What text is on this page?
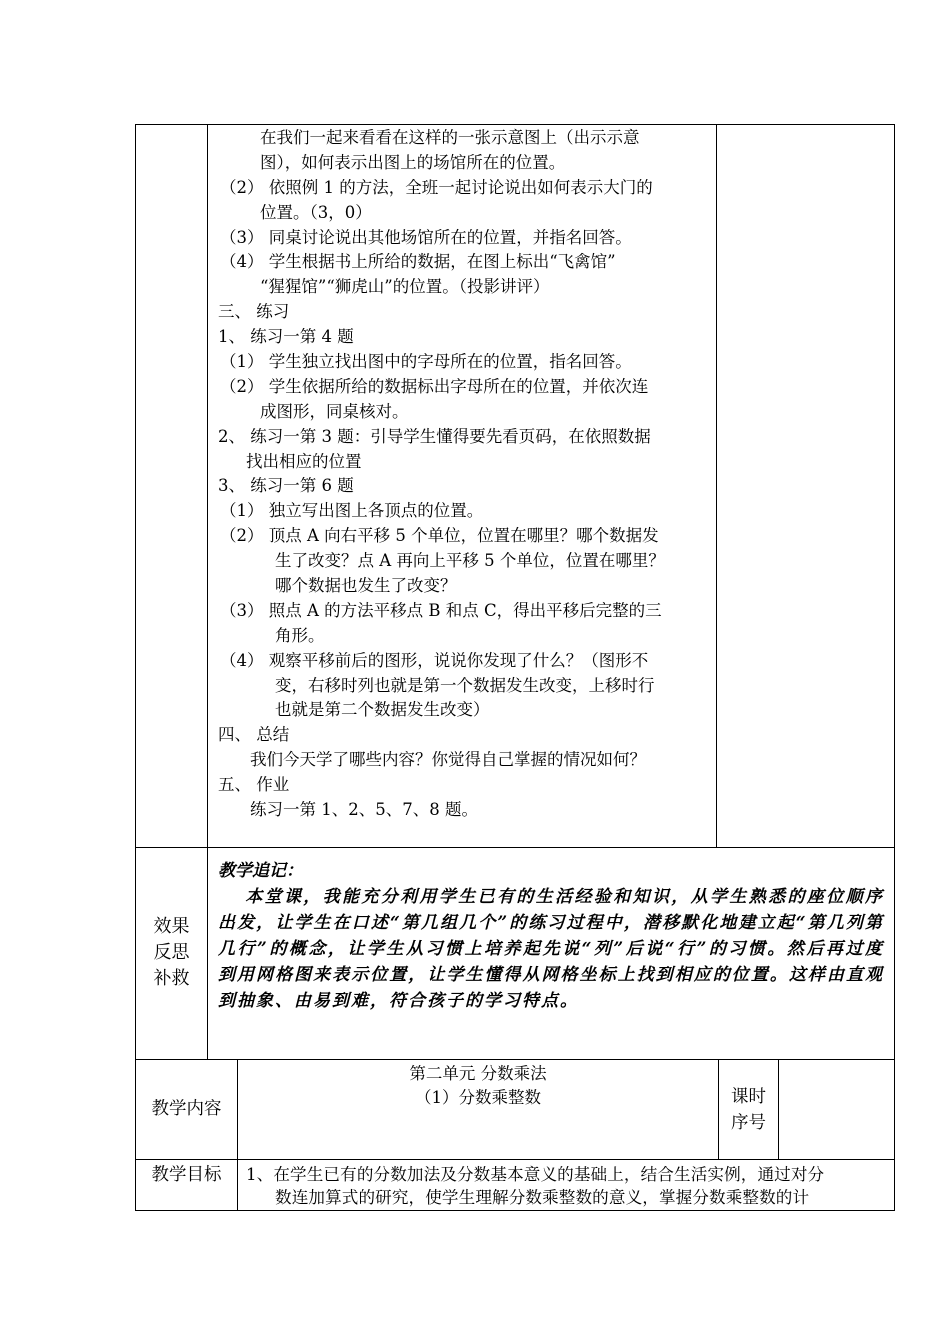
在我们一起来看看在这样的一张示意图上（出示示意
图），如何表示出图上的场馆所在的位置。
（2） 依照例 1 的方法，全班一起讨论说出如何表示大门的
位置。（3，0）
（3） 同桌讨论说出其他场馆所在的位置，并指名回答。
（4） 学生根据书上所给的数据，在图上标出“飞禽馆”
“猩猩馆”“狮虎山”的位置。（投影讲评）
三、 练习
1、 练习一第 4 题
（1） 学生独立找出图中的字母所在的位置，指名回答。
（2） 学生依据所给的数据标出字母所在的位置，并依次连
成图形，同桌核对。
2、 练习一第 3 题：引导学生懂得要先看页码，在依照数据
找出相应的位置
3、 练习一第 6 题
（1） 独立写出图上各顶点的位置。
（2） 顶点 A 向右平移 5 个单位，位置在哪里？哪个数据发
生了改变？点 A 再向上平移 5 个单位，位置在哪里？
哪个数据也发生了改变？
（3） 照点 A 的方法平移点 B 和点 C，得出平移后完整的三
角形。
（4） 观察平移前后的图形，说说你发现了什么？（图形不
变，右移时列也就是第一个数据发生改变，上移时行
也就是第二个数据发生改变）
四、 总结
我们今天学了哪些内容？你觉得自己掌握的情况如何？
五、 作业
练习一第 1、2、5、7、8 题。
效果
反思
补救
教学追记：
本堂课，我能充分利用学生已有的生活经验和知识，从学生熟悉的座位顺序出发，让学生在口述“第几组几个”的练习过程中，潜移默化地建立起“第几列第几行”的概念，让学生从习惯上培养起先说“列”后说“行”的习惯。然后再过度到用网格图来表示位置，让学生懂得从网格坐标上找到相应的位置。这样由直观到抽象、由易到难，符合孩子的学习特点。
教学内容
第二单元 分数乘法
（1）分数乘整数	课时
序号
教学目标	1、在学生已有的分数加法及分数基本意义的基础上，结合生活实例，通过对分
数连加算式的研究，使学生理解分数乘整数的意义，掌握分数乘整数的计
